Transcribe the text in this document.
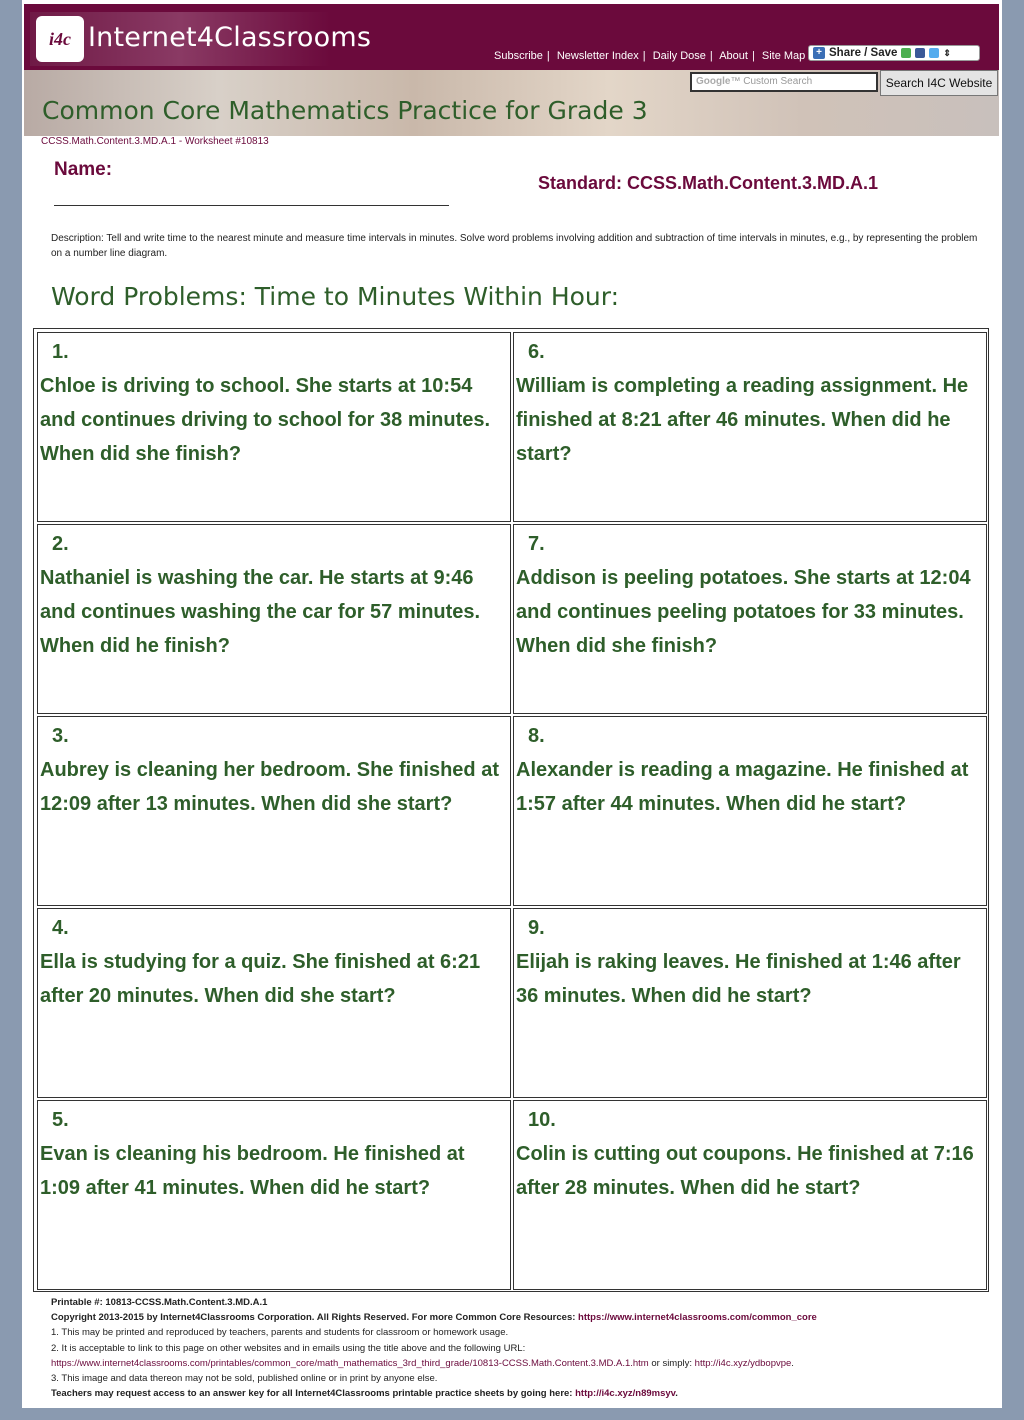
i4c Internet4Classrooms
Subscribe | Newsletter Index | Daily Dose | About | Site Map	+ Share / Save	⇕
Google™ Custom Search	Search I4C Website
Common Core Mathematics Practice for Grade 3
CCSS.Math.Content.3.MD.A.1 - Worksheet #10813
Name:
Standard: CCSS.Math.Content.3.MD.A.1
Description: Tell and write time to the nearest minute and measure time intervals in minutes. Solve word problems involving addition and subtraction of time intervals in minutes, e.g., by representing the problem on a number line diagram.
Word Problems: Time to Minutes Within Hour:
1.
Chloe is driving to school. She starts at 10:54 and continues driving to school for 38 minutes. When did she finish?
6.
William is completing a reading assignment. He finished at 8:21 after 46 minutes. When did he start?
2.
Nathaniel is washing the car. He starts at 9:46 and continues washing the car for 57 minutes. When did he finish?
7.
Addison is peeling potatoes. She starts at 12:04 and continues peeling potatoes for 33 minutes. When did she finish?
3.
Aubrey is cleaning her bedroom. She finished at 12:09 after 13 minutes. When did she start?
8.
Alexander is reading a magazine. He finished at 1:57 after 44 minutes. When did he start?
4.
Ella is studying for a quiz. She finished at 6:21 after 20 minutes. When did she start?
9.
Elijah is raking leaves. He finished at 1:46 after 36 minutes. When did he start?
5.
Evan is cleaning his bedroom. He finished at 1:09 after 41 minutes. When did he start?
10.
Colin is cutting out coupons. He finished at 7:16 after 28 minutes. When did he start?
Printable #: 10813-CCSS.Math.Content.3.MD.A.1
Copyright 2013-2015 by Internet4Classrooms Corporation. All Rights Reserved. For more Common Core Resources: https://www.internet4classrooms.com/common_core
1. This may be printed and reproduced by teachers, parents and students for classroom or homework usage.
2. It is acceptable to link to this page on other websites and in emails using the title above and the following URL:
https://www.internet4classrooms.com/printables/common_core/math_mathematics_3rd_third_grade/10813-CCSS.Math.Content.3.MD.A.1.htm or simply: http://i4c.xyz/ydbopvpe.
3. This image and data thereon may not be sold, published online or in print by anyone else.
Teachers may request access to an answer key for all Internet4Classrooms printable practice sheets by going here: http://i4c.xyz/n89msyv.
